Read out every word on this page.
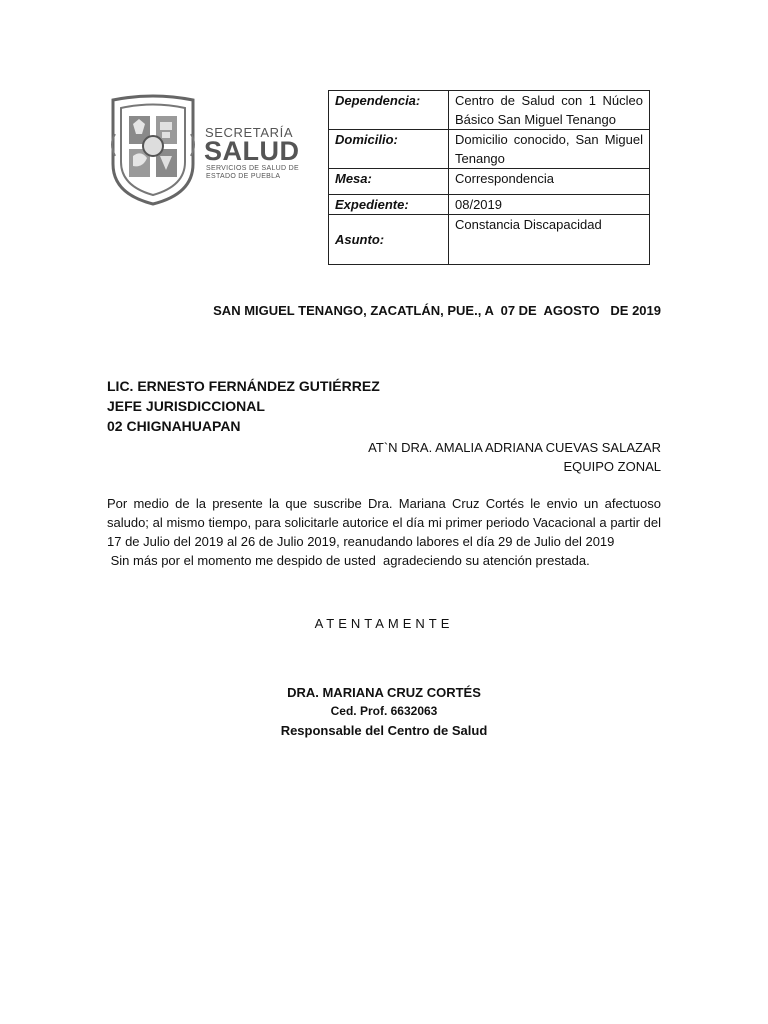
SECRETARÍA
SALUD
SERVICIOS DE SALUD DE ESTADO DE PUEBLA
Dependencia:	Centro de Salud con 1 Núcleo Básico San Miguel Tenango
Domicilio:	Domicilio conocido, San Miguel Tenango
Mesa:	Correspondencia
Expediente:	08/2019
Asunto:	Constancia Discapacidad
SAN MIGUEL TENANGO, ZACATLÁN, PUE., A  07 DE  AGOSTO   DE 2019
LIC. ERNESTO FERNÁNDEZ GUTIÉRREZ
JEFE JURISDICCIONAL
02 CHIGNAHUAPAN
AT`N DRA. AMALIA ADRIANA CUEVAS SALAZAR
EQUIPO ZONAL

Por medio de la presente la que suscribe Dra. Mariana Cruz Cortés le envio un afectuoso saludo; al mismo tiempo, para solicitarle autorice el día mi primer periodo Vacacional a partir del 17 de Julio del 2019 al 26 de Julio 2019, reanudando labores el día 29 de Julio del 2019

Sin más por el momento me despido de usted  agradeciendo su atención prestada.

ATENTAMENTE
DRA. MARIANA CRUZ CORTÉS
Ced. Prof. 6632063
Responsable del Centro de Salud
